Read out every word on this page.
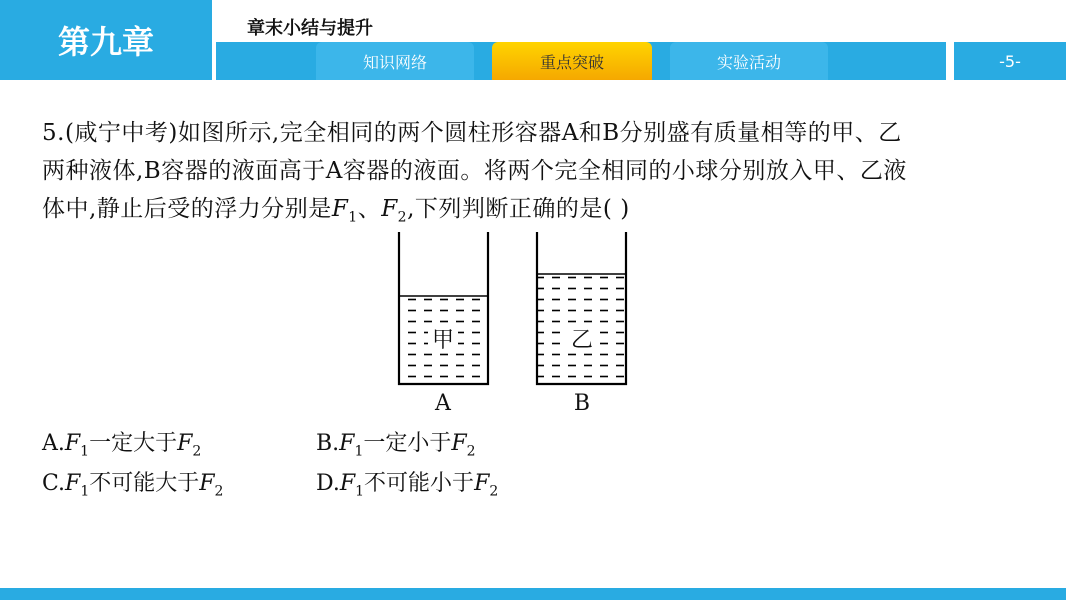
第九章	章末小结与提升
知识网络	重点突破	实验活动	-5-
5.(咸宁中考)如图所示,完全相同的两个圆柱形容器A和B分别盛有质量相等的甲、乙
两种液体,B容器的液面高于A容器的液面。将两个完全相同的小球分别放入甲、乙液
体中,静止后受的浮力分别是$F_1$、$F_2$,下列判断正确的是( )
甲
A
乙
B
$A.F_1$一定大于$F_2$	$B.F_1$一定小于$F_2$
$C.F_1$不可能大于$F_2$	$D.F_1$不可能小于$F_2$
